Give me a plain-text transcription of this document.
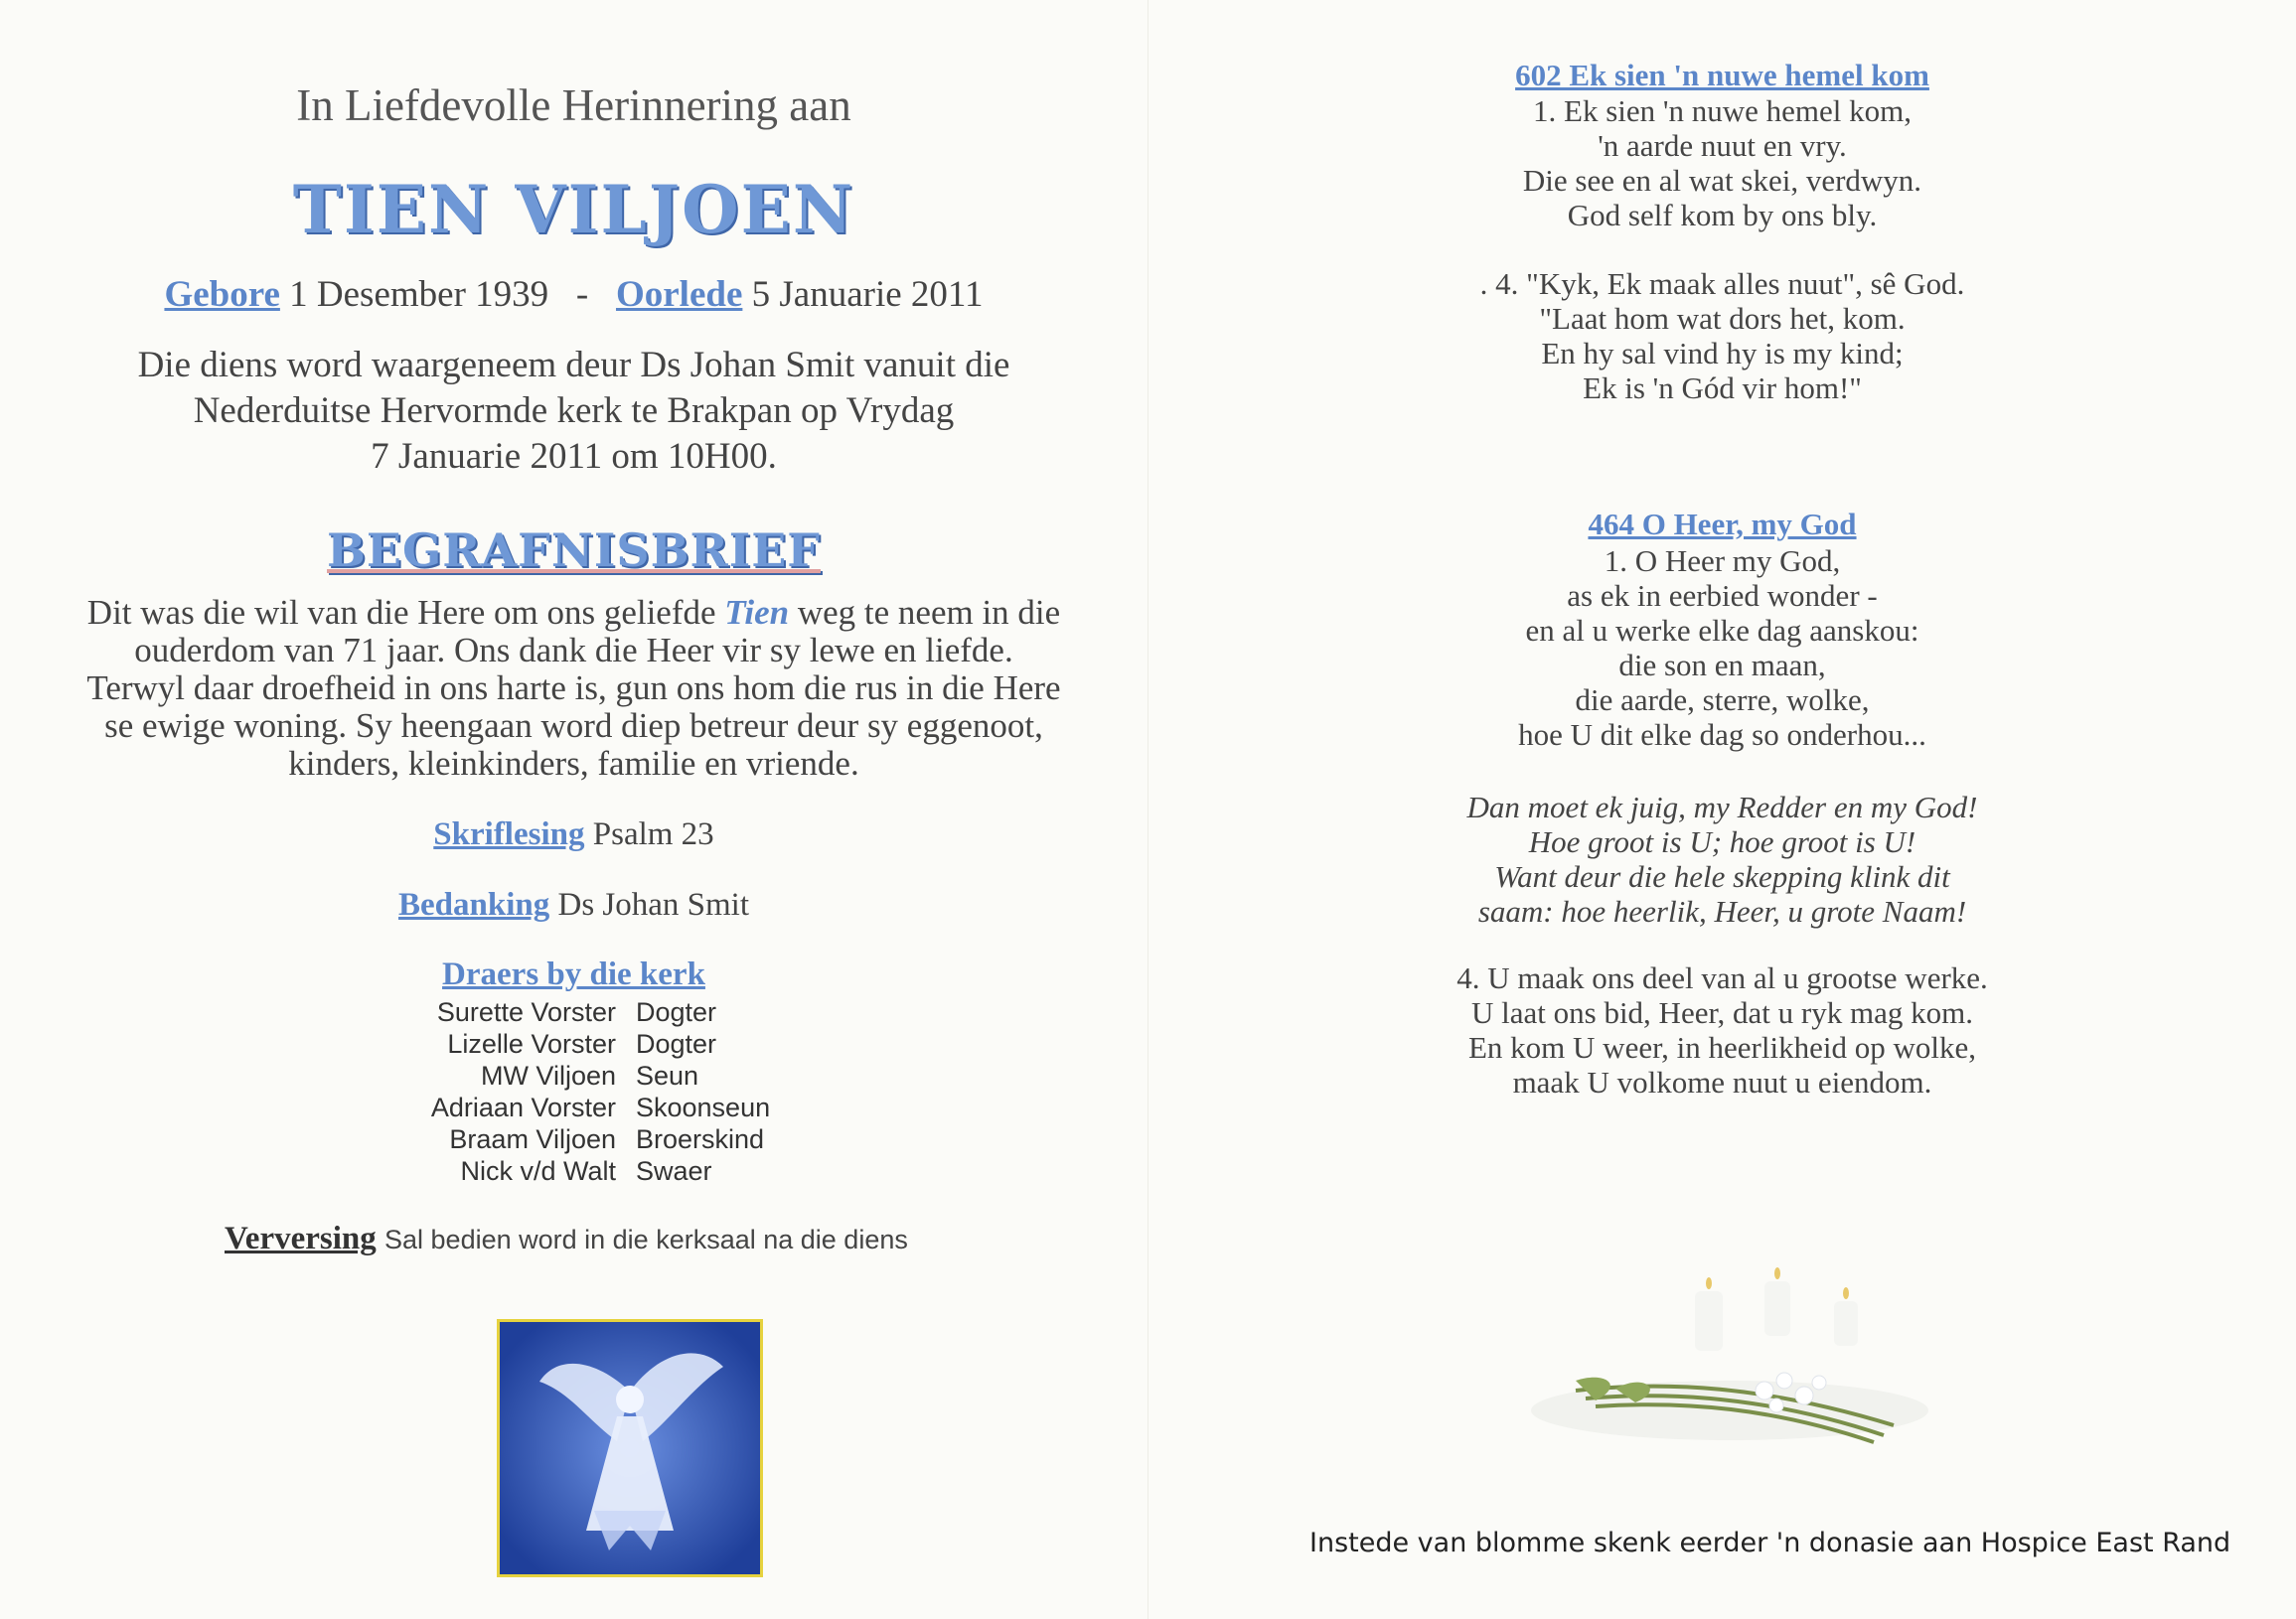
In Liefdevolle Herinnering aan
TIEN VILJOEN
Gebore 1 Desember 1939 - Oorlede 5 Januarie 2011
Die diens word waargeneem deur Ds Johan Smit vanuit die
Nederduitse Hervormde kerk te Brakpan op Vrydag
7 Januarie 2011 om 10H00.
BEGRAFNISBRIEF
Dit was die wil van die Here om ons geliefde Tien weg te neem in die
ouderdom van 71 jaar. Ons dank die Heer vir sy lewe en liefde.
Terwyl daar droefheid in ons harte is, gun ons hom die rus in die Here
se ewige woning. Sy heengaan word diep betreur deur sy eggenoot,
kinders, kleinkinders, familie en vriende.
Skriflesing Psalm 23
Bedanking Ds Johan Smit
Draers by die kerk
Surette Vorster Dogter
Lizelle Vorster Dogter
MW Viljoen Seun
Adriaan Vorster Skoonseun
Braam Viljoen Broerskind
Nick v/d Walt Swaer
Verversing Sal bedien word in die kerksaal na die diens
602 Ek sien 'n nuwe hemel kom
1. Ek sien 'n nuwe hemel kom,
'n aarde nuut en vry.
Die see en al wat skei, verdwyn.
God self kom by ons bly.
. 4. "Kyk, Ek maak alles nuut", sê God.
"Laat hom wat dors het, kom.
En hy sal vind hy is my kind;
Ek is 'n Gód vir hom!"
464 O Heer, my God
1. O Heer my God,
as ek in eerbied wonder -
en al u werke elke dag aanskou:
die son en maan,
die aarde, sterre, wolke,
hoe U dit elke dag so onderhou...
Dan moet ek juig, my Redder en my God!
Hoe groot is U; hoe groot is U!
Want deur die hele skepping klink dit
saam: hoe heerlik, Heer, u grote Naam!
4. U maak ons deel van al u grootse werke.
U laat ons bid, Heer, dat u ryk mag kom.
En kom U weer, in heerlikheid op wolke,
maak U volkome nuut u eiendom.
Instede van blomme skenk eerder 'n donasie aan Hospice East Rand
